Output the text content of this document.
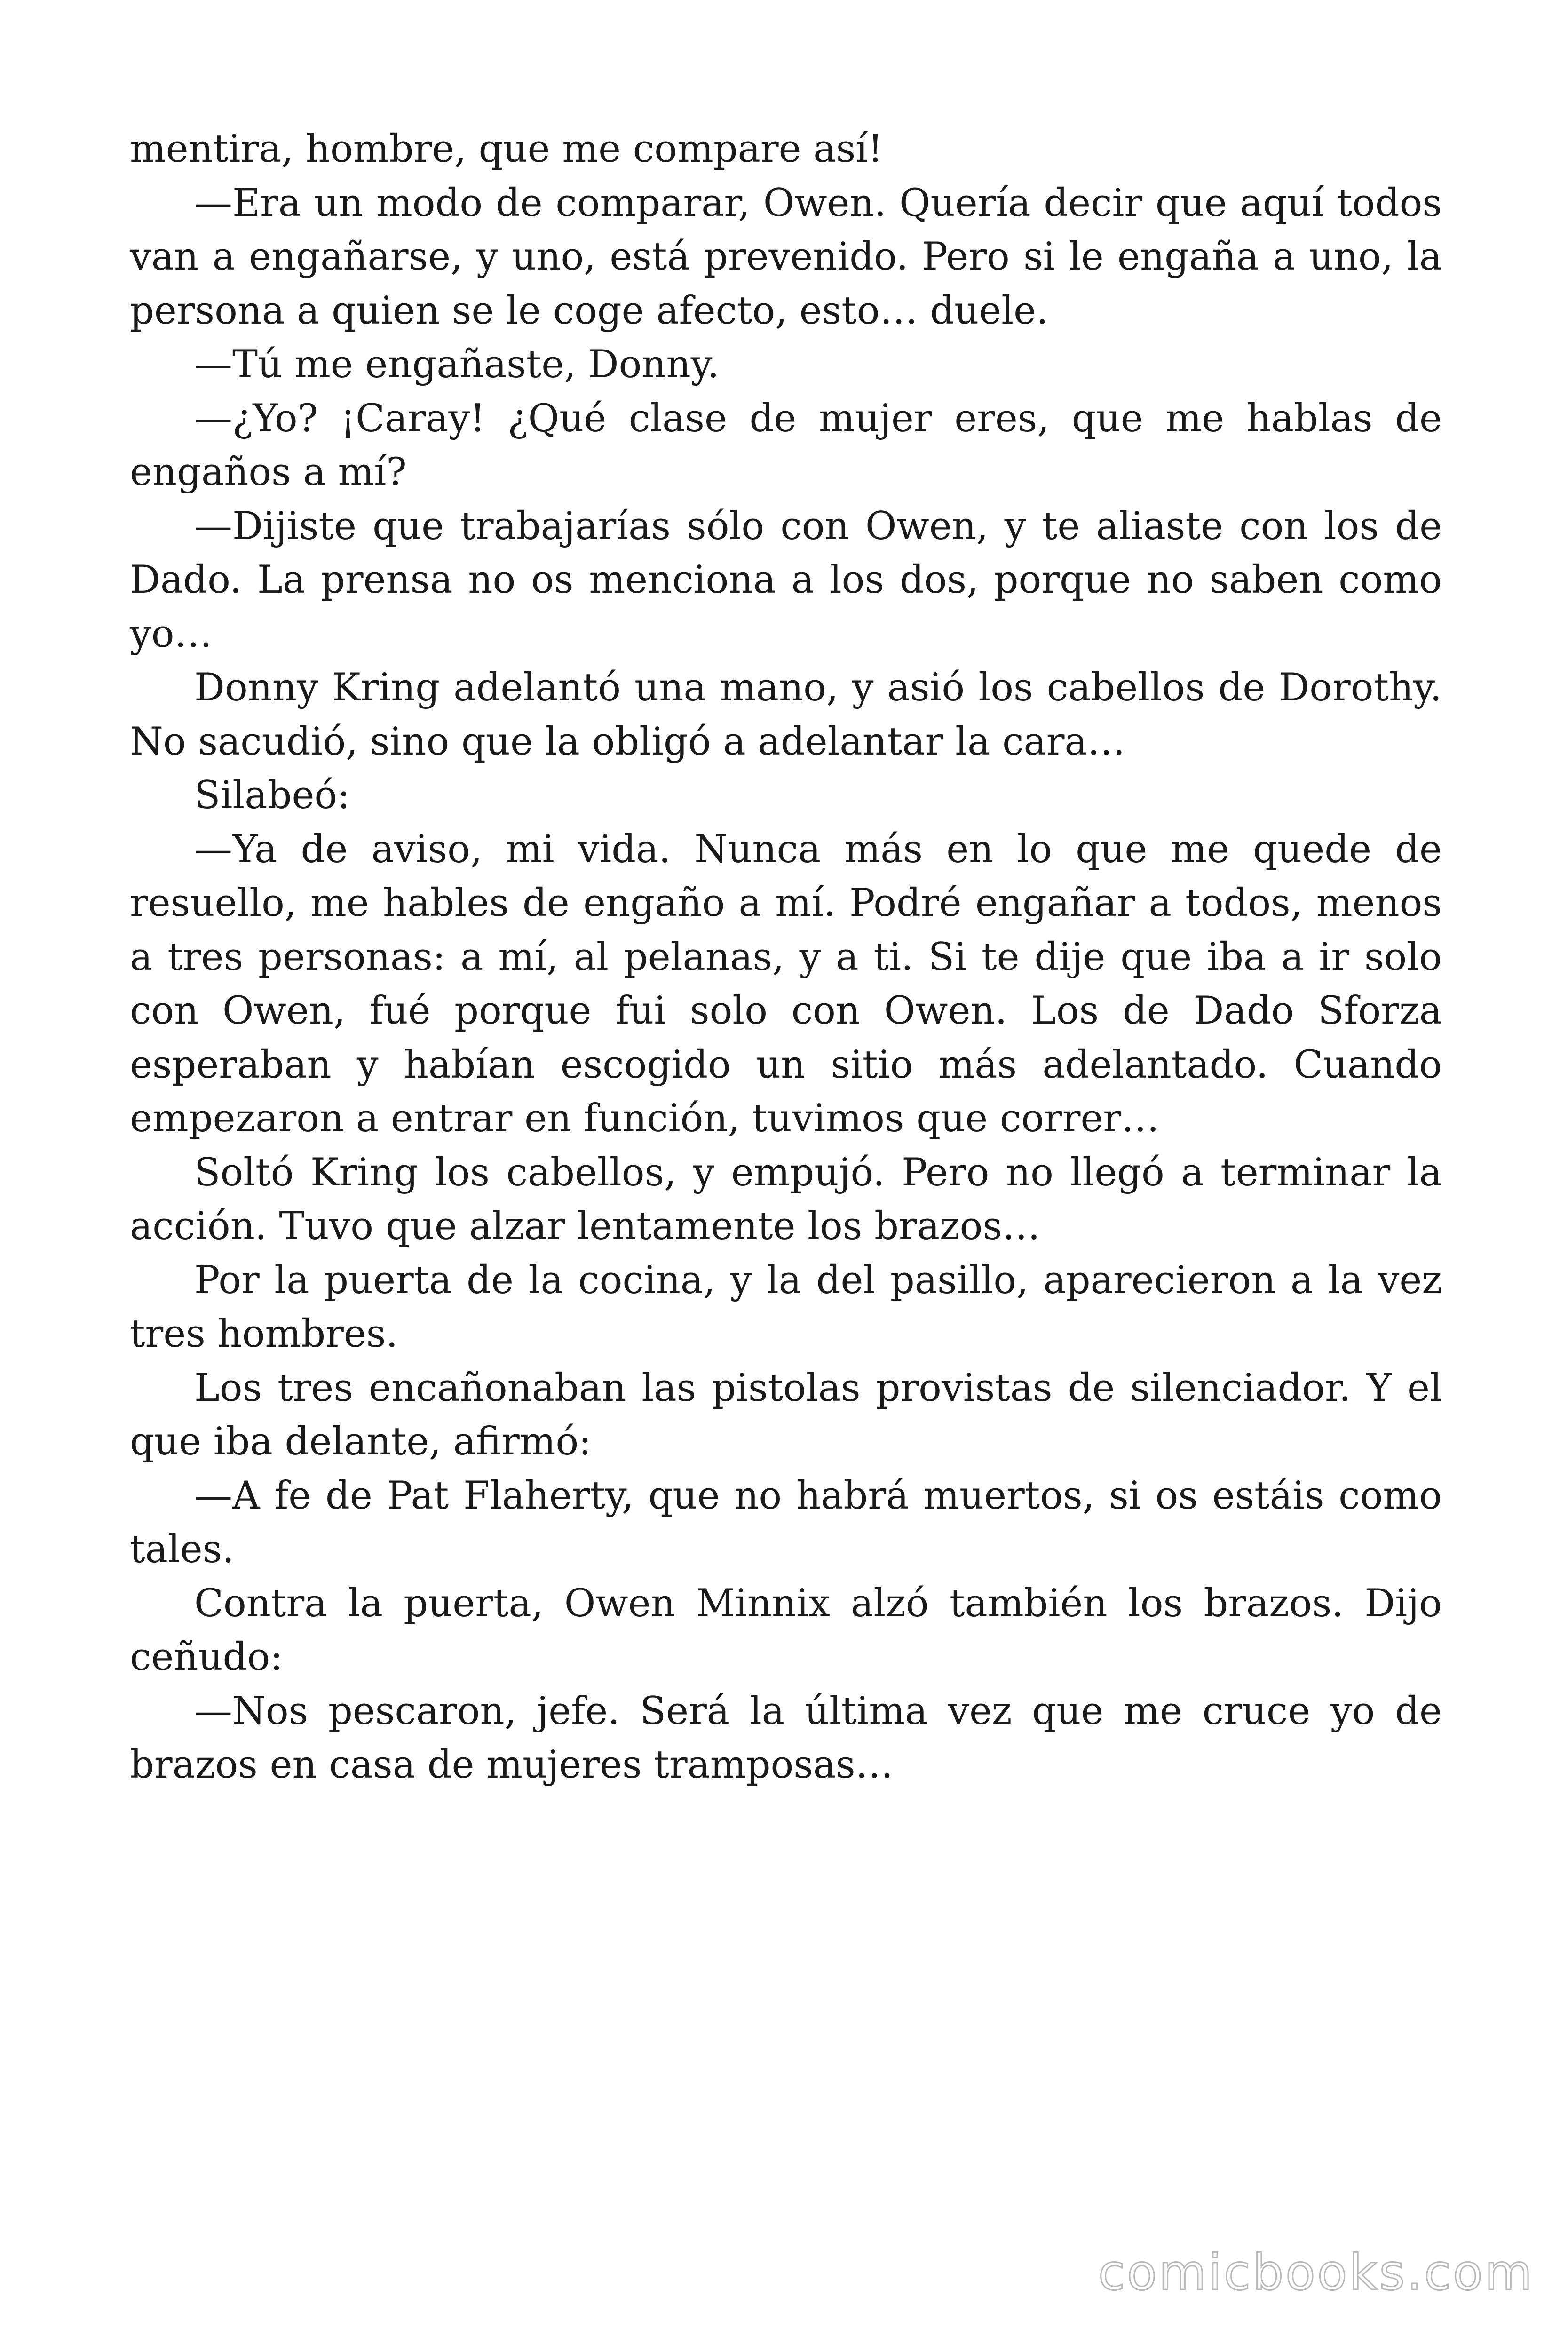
mentira, hombre, que me compare así!

—Era un modo de comparar, Owen. Quería decir que aquí todos van a engañarse, y uno, está prevenido. Pero si le engaña a uno, la persona a quien se le coge afecto, esto… duele.

—Tú me engañaste, Donny.

—¿Yo? ¡Caray! ¿Qué clase de mujer eres, que me hablas de engaños a mí?

—Dijiste que trabajarías sólo con Owen, y te aliaste con los de Dado. La prensa no os menciona a los dos, porque no saben como yo…

Donny Kring adelantó una mano, y asió los cabellos de Dorothy. No sacudió, sino que la obligó a adelantar la cara…

Silabeó:

—Ya de aviso, mi vida. Nunca más en lo que me quede de resuello, me hables de engaño a mí. Podré engañar a todos, menos a tres personas: a mí, al pelanas, y a ti. Si te dije que iba a ir solo con Owen, fué porque fui solo con Owen. Los de Dado Sforza esperaban y habían escogido un sitio más adelantado. Cuando empezaron a entrar en función, tuvimos que correr…

Soltó Kring los cabellos, y empujó. Pero no llegó a terminar la acción. Tuvo que alzar lentamente los brazos…

Por la puerta de la cocina, y la del pasillo, aparecieron a la vez tres hombres.

Los tres encañonaban las pistolas provistas de silenciador. Y el que iba delante, afirmó:

—A fe de Pat Flaherty, que no habrá muertos, si os estáis como tales.

Contra la puerta, Owen Minnix alzó también los brazos. Dijo ceñudo:

—Nos pescaron, jefe. Será la última vez que me cruce yo de brazos en casa de mujeres tramposas…

comicbooks.com
